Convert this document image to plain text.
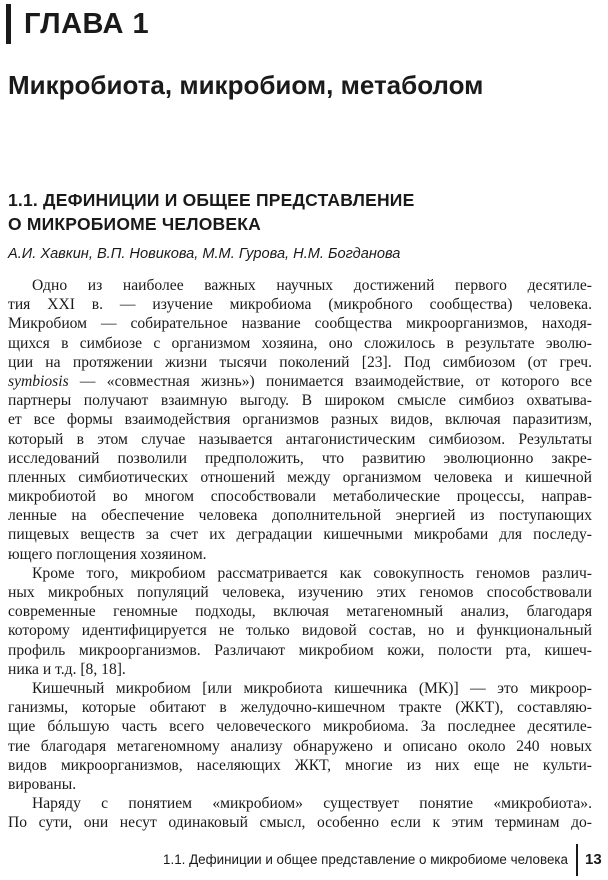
ГЛАВА 1
Микробиота, микробиом, метаболом
1.1. ДЕФИНИЦИИ И ОБЩЕЕ ПРЕДСТАВЛЕНИЕ
О МИКРОБИОМЕ ЧЕЛОВЕКА
А.И. Хавкин, В.П. Новикова, М.М. Гурова, Н.М. Богданова
Одно из наиболее важных научных достижений первого десятиле-
тия XXI в. — изучение микробиома (микробного сообщества) человека.
Микробиом — собирательное название сообщества микроорганизмов, находя-
щихся в симбиозе с организмом хозяина, оно сложилось в результате эволю-
ции на протяжении жизни тысячи поколений [23]. Под симбиозом (от греч.
symbiosis — «совместная жизнь») понимается взаимодействие, от которого все
партнеры получают взаимную выгоду. В широком смысле симбиоз охватыва-
ет все формы взаимодействия организмов разных видов, включая паразитизм,
который в этом случае называется антагонистическим симбиозом. Результаты
исследований позволили предположить, что развитию эволюционно закре-
пленных симбиотических отношений между организмом человека и кишечной
микробиотой во многом способствовали метаболические процессы, направ-
ленные на обеспечение человека дополнительной энергией из поступающих
пищевых веществ за счет их деградации кишечными микробами для последу-
ющего поглощения хозяином.
Кроме того, микробиом рассматривается как совокупность геномов различ-
ных микробных популяций человека, изучению этих геномов способствовали
современные геномные подходы, включая метагеномный анализ, благодаря
которому идентифицируется не только видовой состав, но и функциональный
профиль микроорганизмов. Различают микробиом кожи, полости рта, кишеч-
ника и т.д. [8, 18].
Кишечный микробиом [или микробиота кишечника (МК)] — это микроор-
ганизмы, которые обитают в желудочно-кишечном тракте (ЖКТ), составляю-
щие бóльшую часть всего человеческого микробиома. За последнее десятиле-
тие благодаря метагеномному анализу обнаружено и описано около 240 новых
видов микроорганизмов, населяющих ЖКТ, многие из них еще не культи-
вированы.
Наряду с понятием «микробиом» существует понятие «микробиота».
По сути, они несут одинаковый смысл, особенно если к этим терминам до-
1.1. Дефиниции и общее представление о микробиоме человека 13
